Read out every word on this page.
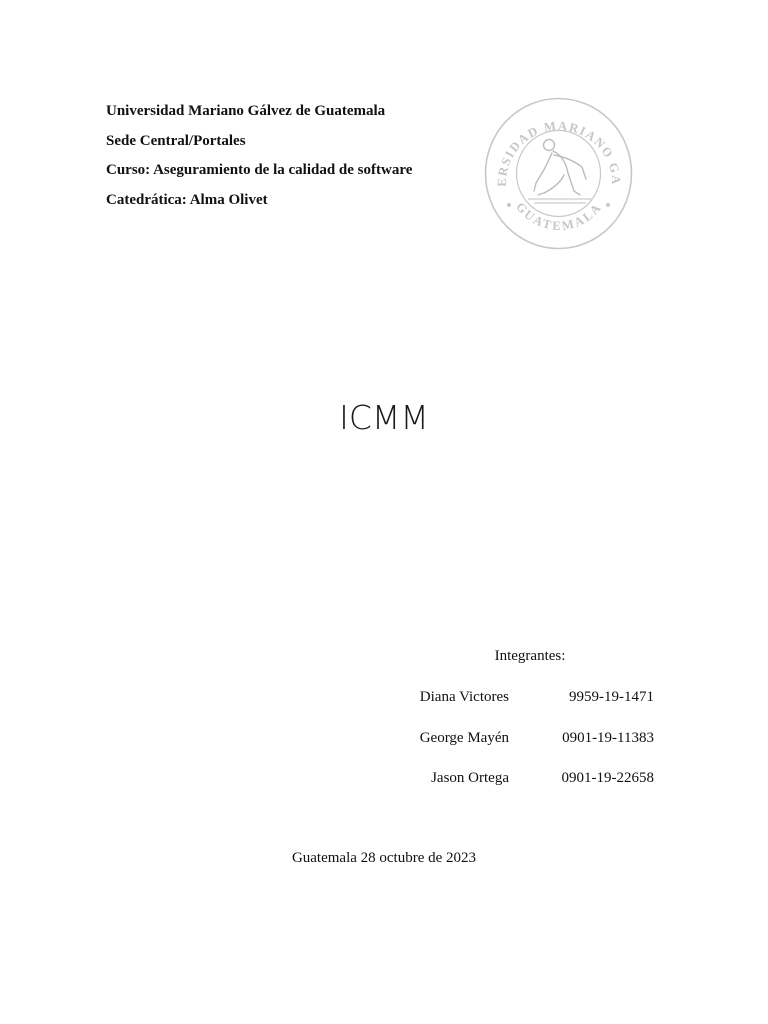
Universidad Mariano Gálvez de Guatemala
Sede Central/Portales
Curso: Aseguramiento de la calidad de software
Catedrática: Alma Olivet
ERSIDAD MARIANO GA
GUATEMALA
ICMM
Integrantes:
Diana Victores	9959-19-1471
George Mayén	0901-19-11383
Jason Ortega	0901-19-22658
Guatemala 28 octubre de 2023
